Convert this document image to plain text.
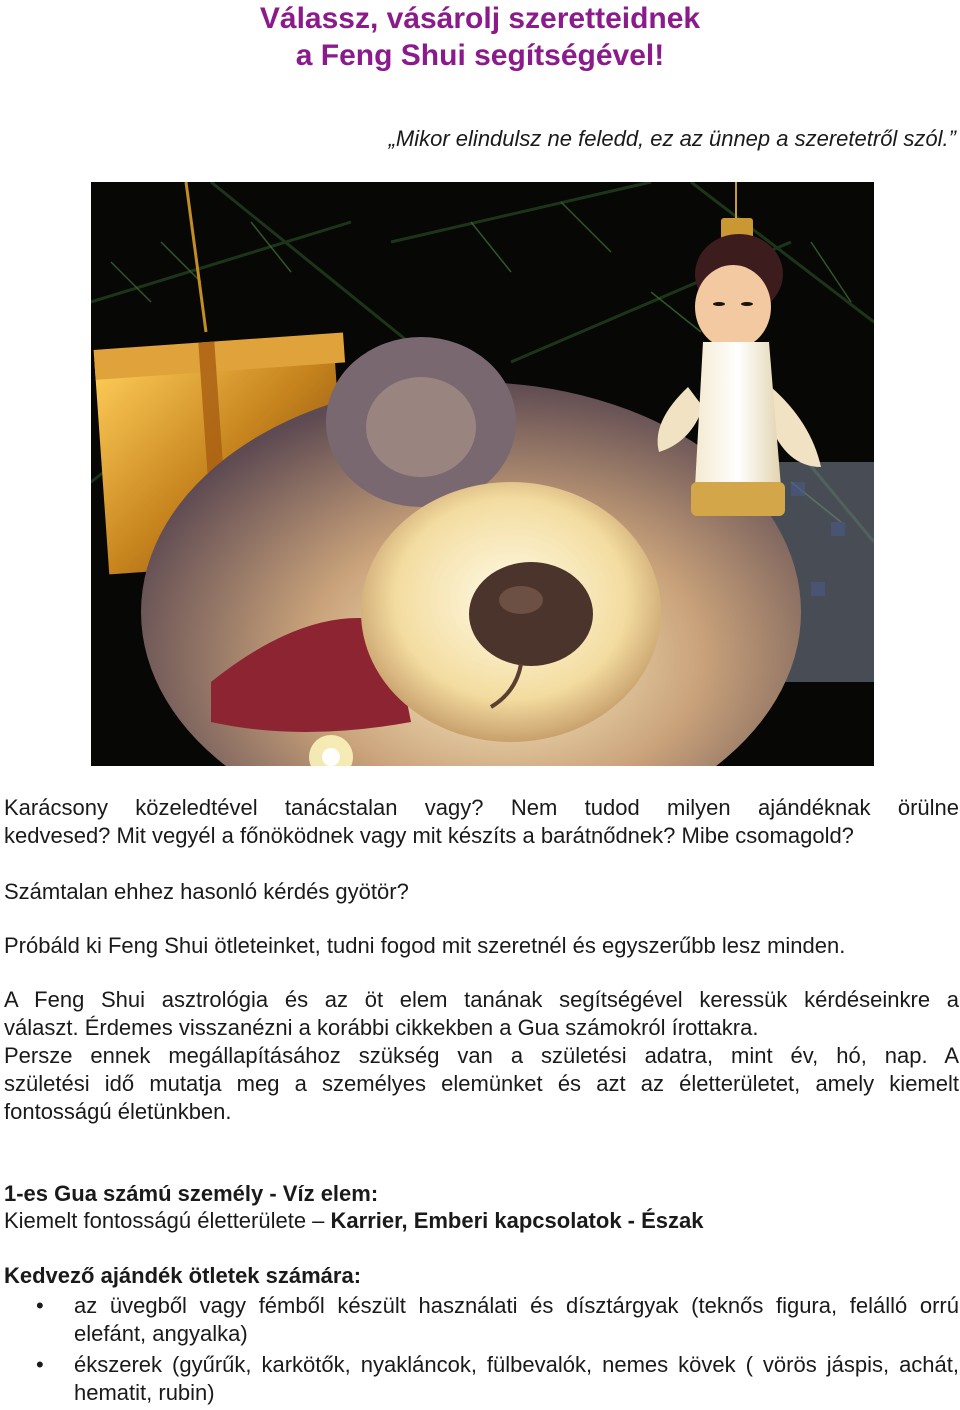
Válassz, vásárolj szeretteidnek
a Feng Shui segítségével!

„Mikor elindulsz ne feledd, ez az ünnep a szeretetről szól.”

Karácsony közeledtével tanácstalan vagy? Nem tudod milyen ajándéknak örülne
kedvesed? Mit vegyél a főnöködnek vagy mit készíts a barátnődnek? Mibe csomagold?

Számtalan ehhez hasonló kérdés gyötör?

Próbáld ki Feng Shui ötleteinket, tudni fogod mit szeretnél és egyszerűbb lesz minden.

A Feng Shui asztrológia és az öt elem tanának segítségével keressük kérdéseinkre a
választ. Érdemes visszanézni a korábbi cikkekben a Gua számokról írottakra.
Persze ennek megállapításához szükség van a születési adatra, mint év, hó, nap. A
születési idő mutatja meg a személyes elemünket és azt az életterületet, amely kiemelt
fontosságú életünkben.

1-es Gua számú személy - Víz elem:

Kiemelt fontosságú életterülete – Karrier, Emberi kapcsolatok - Észak

Kedvező ajándék ötletek számára:

• az üvegből vagy fémből készült használati és dísztárgyak (teknős figura, felálló orrú elefánt, angyalka)
• ékszerek (gyűrűk, karkötők, nyakláncok, fülbevalók, nemes kövek ( vörös jáspis, achát, hematit, rubin)
